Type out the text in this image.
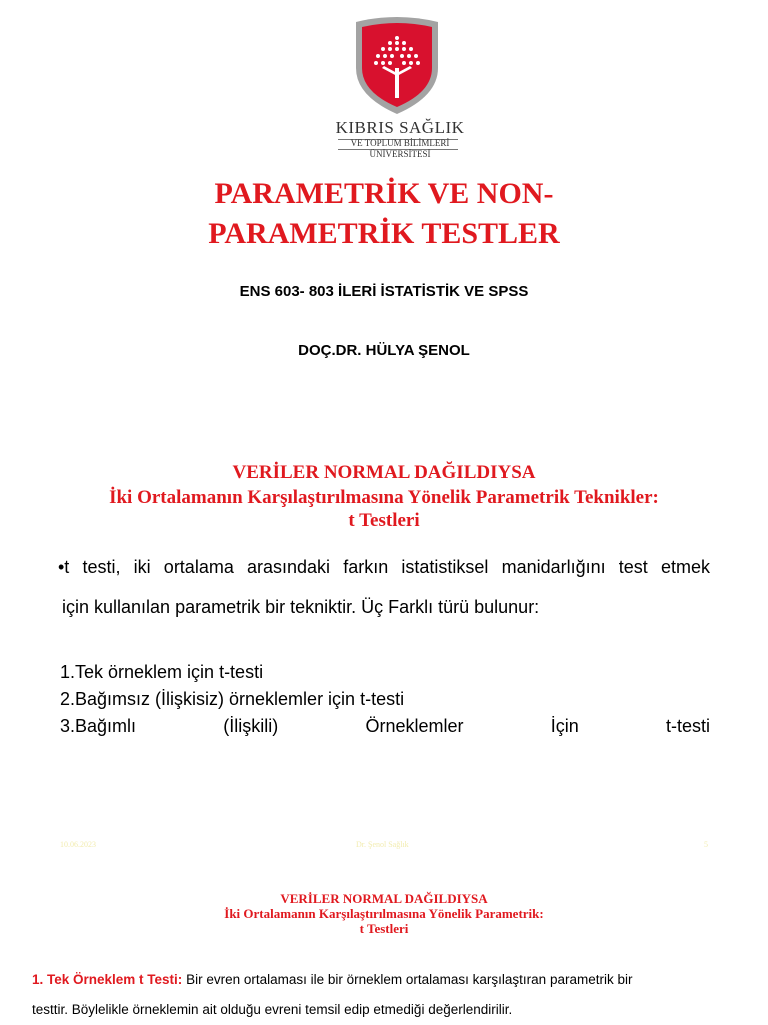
KIBRIS SAĞLIK
VE TOPLUM BİLİMLERİ
ÜNİVERSİTESİ
PARAMETRİK VE NON-
PARAMETRİK TESTLER
ENS 603- 803 İLERİ İSTATİSTİK VE SPSS
DOÇ.DR. HÜLYA ŞENOL
VERİLER NORMAL DAĞILDIYSA
İki Ortalamanın Karşılaştırılmasına Yönelik Parametrik Teknikler:
t Testleri
•t testi, iki ortalama arasındaki farkın istatistiksel manidarlığını test etmek
için kullanılan parametrik bir tekniktir. Üç Farklı türü bulunur:
1.Tek örneklem için t-testi
2.Bağımsız (İlişkisiz) örneklemler için t-testi
3.Bağımlı	(İlişkili)	Örneklemler	İçin	t-testi
10.06.2023	Dr. Şenol Sağlık	5
VERİLER NORMAL DAĞILDIYSA
İki Ortalamanın Karşılaştırılmasına Yönelik Parametrik:
t Testleri
1. Tek Örneklem t Testi: Bir evren ortalaması ile bir örneklem ortalaması karşılaştıran parametrik bir
testtir. Böylelikle örneklemin ait olduğu evreni temsil edip etmediği değerlendirilir.
